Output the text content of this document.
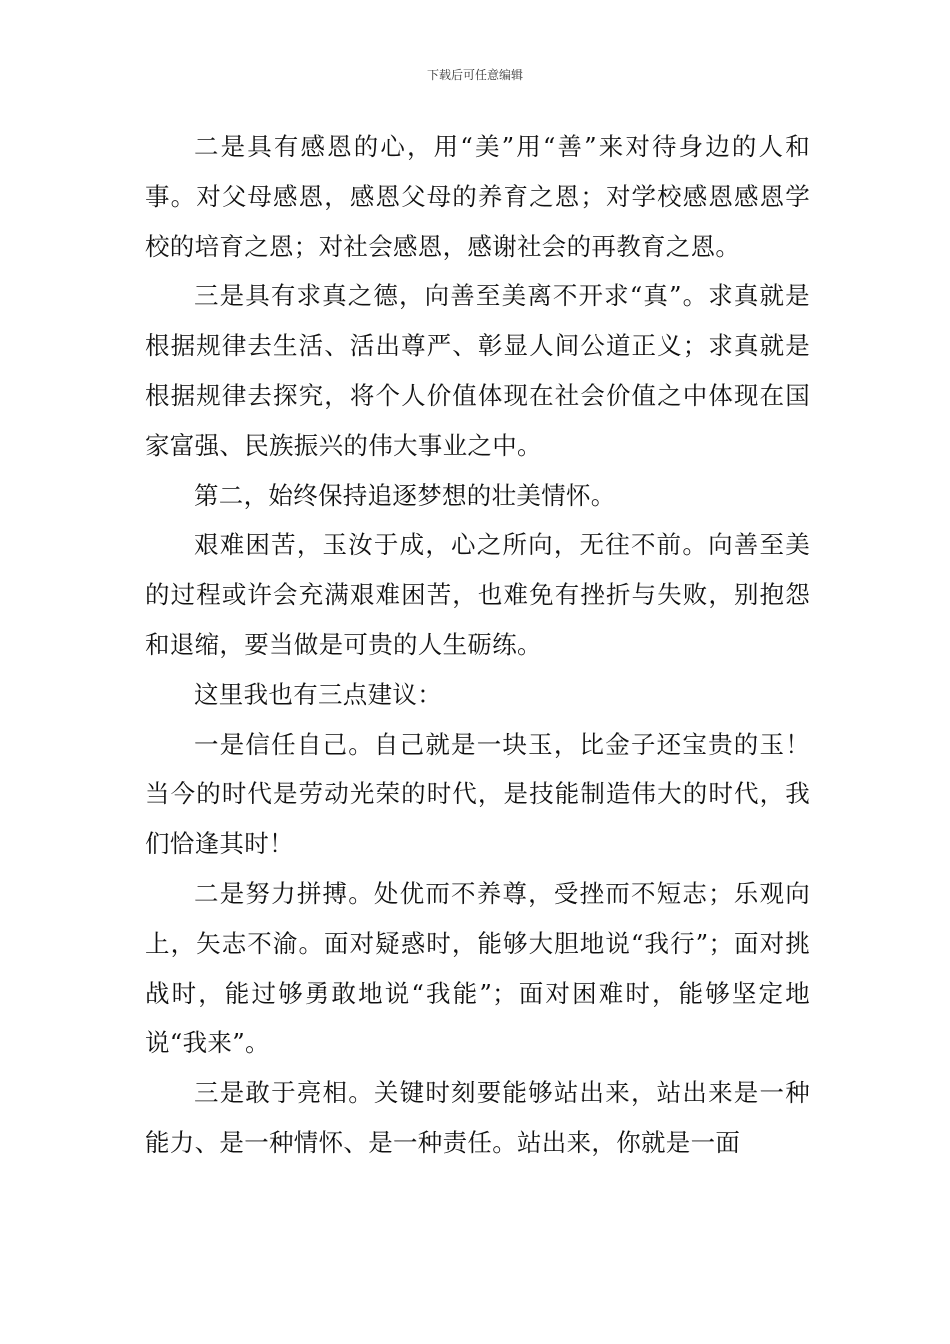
下载后可任意编辑

二是具有感恩的心，用“美”用“善”来对待身边的人和事。对父母感恩，感恩父母的养育之恩；对学校感恩感恩学校的培育之恩；对社会感恩，感谢社会的再教育之恩。

三是具有求真之德，向善至美离不开求“真”。求真就是根据规律去生活、活出尊严、彰显人间公道正义；求真就是根据规律去探究，将个人价值体现在社会价值之中体现在国家富强、民族振兴的伟大事业之中。

第二，始终保持追逐梦想的壮美情怀。

艰难困苦，玉汝于成，心之所向，无往不前。向善至美的过程或许会充满艰难困苦，也难免有挫折与失败，别抱怨和退缩，要当做是可贵的人生砺练。

这里我也有三点建议：

一是信任自己。自己就是一块玉，比金子还宝贵的玉！当今的时代是劳动光荣的时代，是技能制造伟大的时代，我们恰逢其时！

二是努力拼搏。处优而不养尊，受挫而不短志；乐观向上，矢志不渝。面对疑惑时，能够大胆地说“我行”；面对挑战时，能过够勇敢地说“我能”；面对困难时，能够坚定地说“我来”。

三是敢于亮相。关键时刻要能够站出来，站出来是一种能力、是一种情怀、是一种责任。站出来，你就是一面
